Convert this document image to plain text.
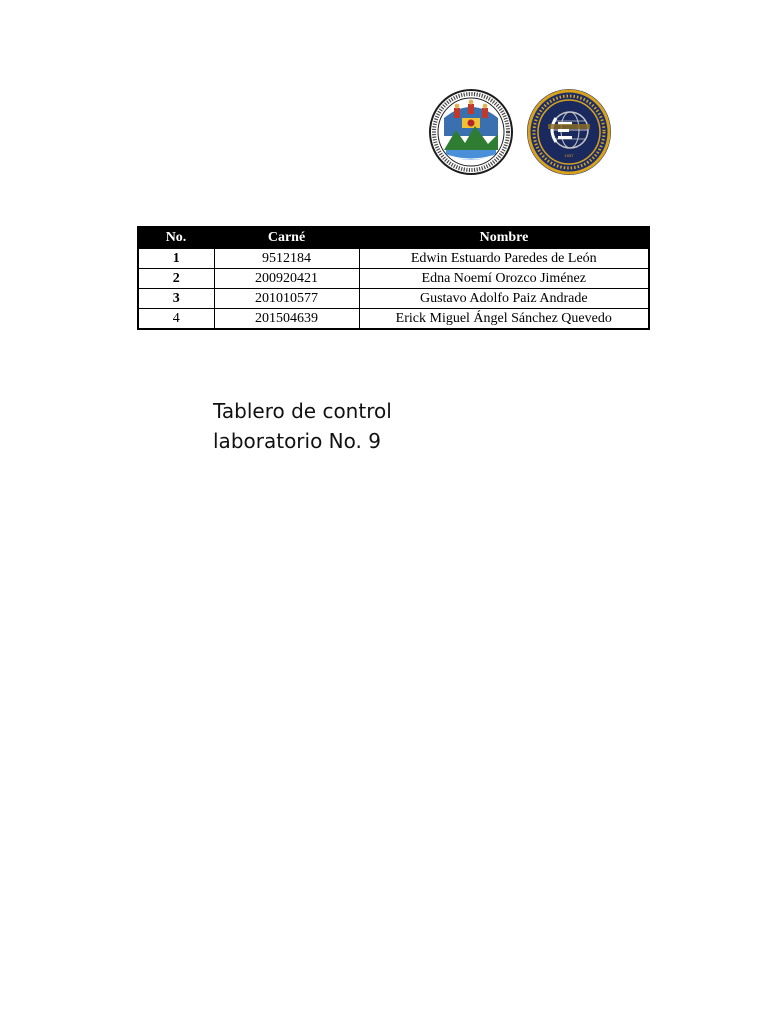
1937
No.	Carné	Nombre
1	9512184	Edwin Estuardo Paredes de León
2	200920421	Edna Noemí Orozco Jiménez
3	201010577	Gustavo Adolfo Paiz Andrade
4	201504639	Erick Miguel Ángel Sánchez Quevedo
Tablero de control
laboratorio No. 9
